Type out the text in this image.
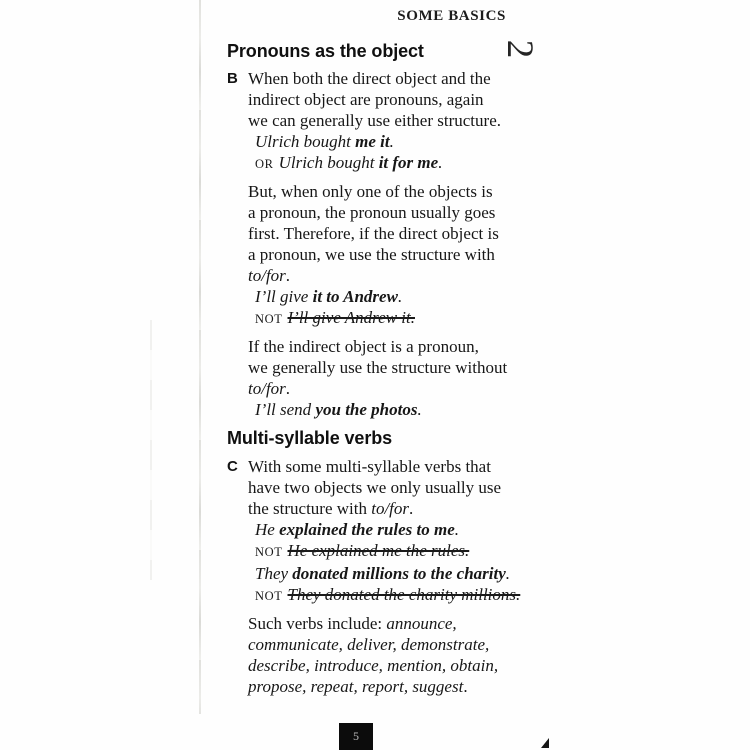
SOME BASICS
2
Pronouns as the object
B When both the direct object and the
indirect object are pronouns, again
we can generally use either structure.
Ulrich bought me it.
OR Ulrich bought it for me.
But, when only one of the objects is
a pronoun, the pronoun usually goes
first. Therefore, if the direct object is
a pronoun, we use the structure with
to/for.
I’ll give it to Andrew.
NOT I’ll give Andrew it.
If the indirect object is a pronoun,
we generally use the structure without
to/for.
I’ll send you the photos.
Multi-syllable verbs
C With some multi-syllable verbs that
have two objects we only usually use
the structure with to/for.
He explained the rules to me.
NOT He explained me the rules.
They donated millions to the charity.
NOT They donated the charity millions.
Such verbs include: announce,
communicate, deliver, demonstrate,
describe, introduce, mention, obtain,
propose, repeat, report, suggest.
5
